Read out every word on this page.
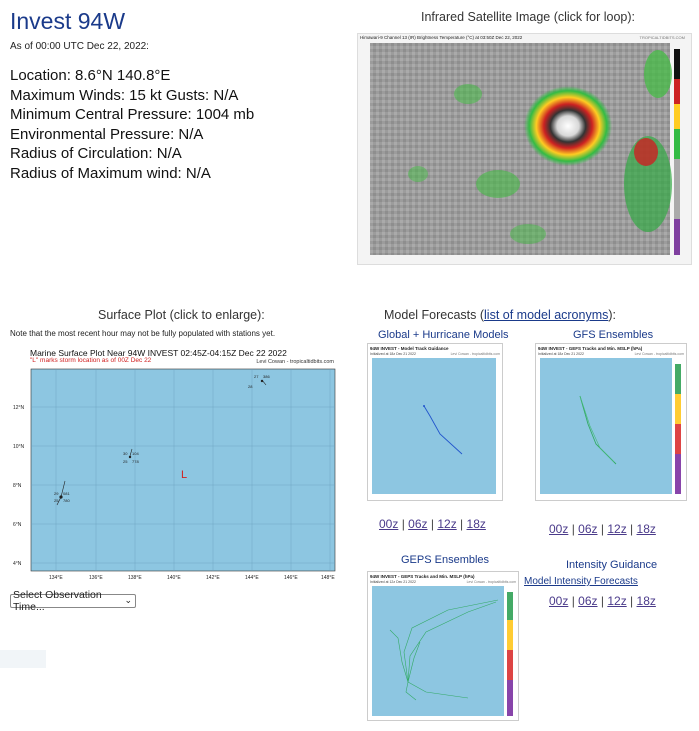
Invest 94W
As of 00:00 UTC Dec 22, 2022:
Location: 8.6°N 140.8°E
Maximum Winds: 15 kt Gusts: N/A
Minimum Central Pressure: 1004 mb
Environmental Pressure: N/A
Radius of Circulation: N/A
Radius of Maximum wind: N/A
Infrared Satellite Image (click for loop):
Himawari-9 Channel 13 (IR) Brightness Temperature (°C) at 03:50Z Dec 22, 2022	TROPICALTIDBITS.COM
Surface Plot (click to enlarge):
Note that the most recent hour may not be fully populated with stations yet.
Marine Surface Plot Near 94W INVEST 02:45Z-04:15Z Dec 22 2022
"L" marks storm location as of 00Z Dec 22	Levi Cowan - tropicaltidbits.com
12°N
10°N
8°N
6°N
4°N
134°E	136°E	138°E	140°E	142°E	144°E	146°E	148°E
L
27 386
28
30 104
25 778
29 081
25 780
Select Observation Time...
⌄
Model Forecasts (list of model acronyms):
Global + Hurricane Models	GFS Ensembles
94W INVEST - Model Track Guidance
Initialized at 18z Dec 21 2022	Levi Cowan - tropicaltidbits.com
94W INVEST - GEFS Tracks and Min. MSLP (hPa)
Initialized at 18z Dec 21 2022	Levi Cowan - tropicaltidbits.com
00z | 06z | 12z | 18z	00z | 06z | 12z | 18z
GEPS Ensembles
94W INVEST - GEPS Tracks and Min. MSLP (hPa)
Initialized at 12z Dec 21 2022	Levi Cowan - tropicaltidbits.com
Intensity Guidance
Model Intensity Forecasts
00z | 06z | 12z | 18z
